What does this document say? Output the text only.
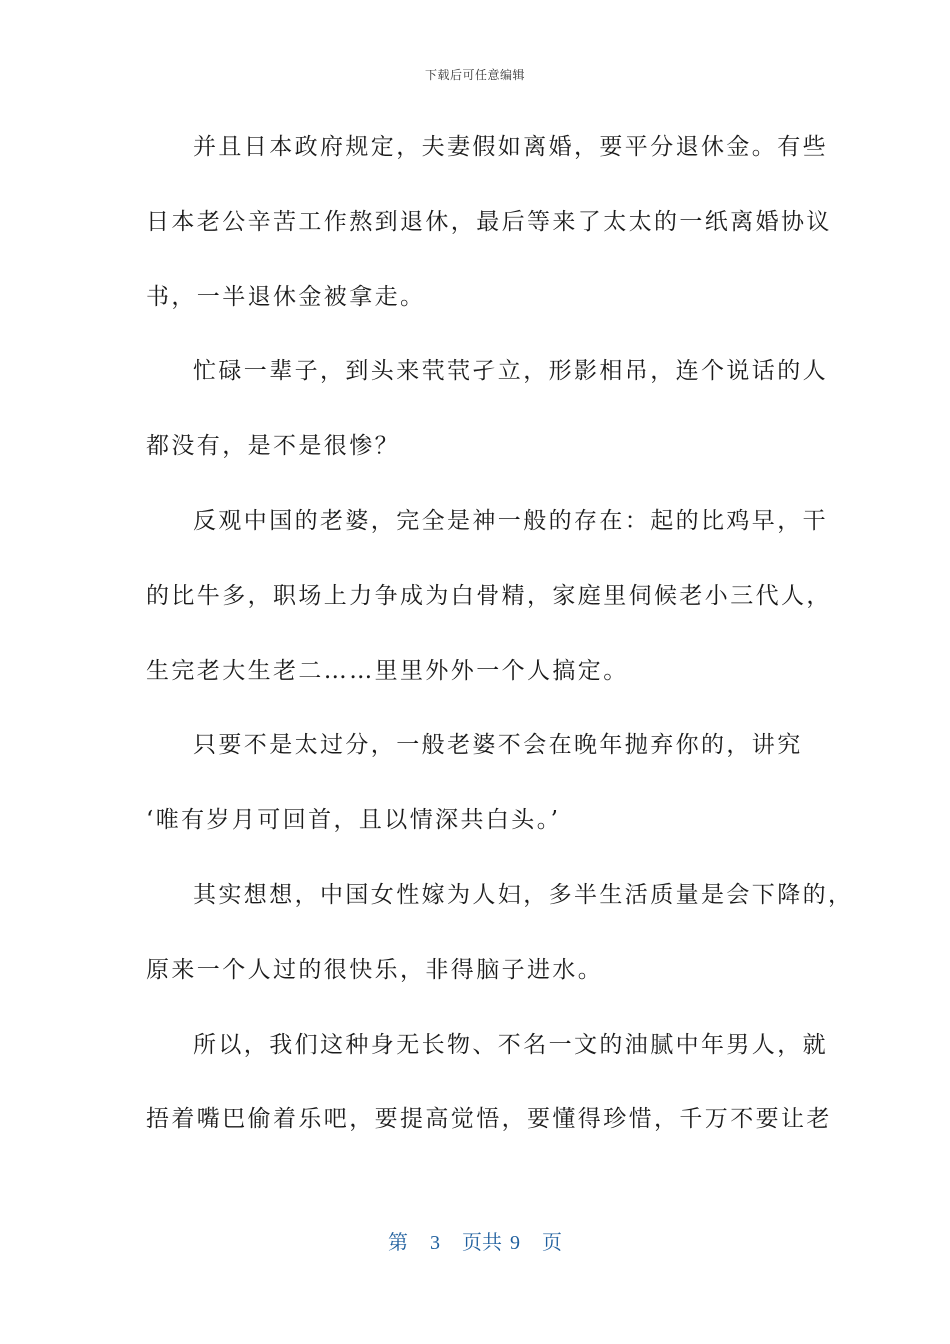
下载后可任意编辑
并且日本政府规定，夫妻假如离婚，要平分退休金。有些
日本老公辛苦工作熬到退休，最后等来了太太的一纸离婚协议
书，一半退休金被拿走。
忙碌一辈子，到头来茕茕孑立，形影相吊，连个说话的人
都没有，是不是很惨？
反观中国的老婆，完全是神一般的存在：起的比鸡早，干
的比牛多，职场上力争成为白骨精，家庭里伺候老小三代人，
生完老大生老二……里里外外一个人搞定。
只要不是太过分，一般老婆不会在晚年抛弃你的，讲究
‘唯有岁月可回首，且以情深共白头。’
其实想想，中国女性嫁为人妇，多半生活质量是会下降的，
原来一个人过的很快乐，非得脑子进水。
所以，我们这种身无长物、不名一文的油腻中年男人，就
捂着嘴巴偷着乐吧，要提高觉悟，要懂得珍惜，千万不要让老
第 3 页共 9 页
